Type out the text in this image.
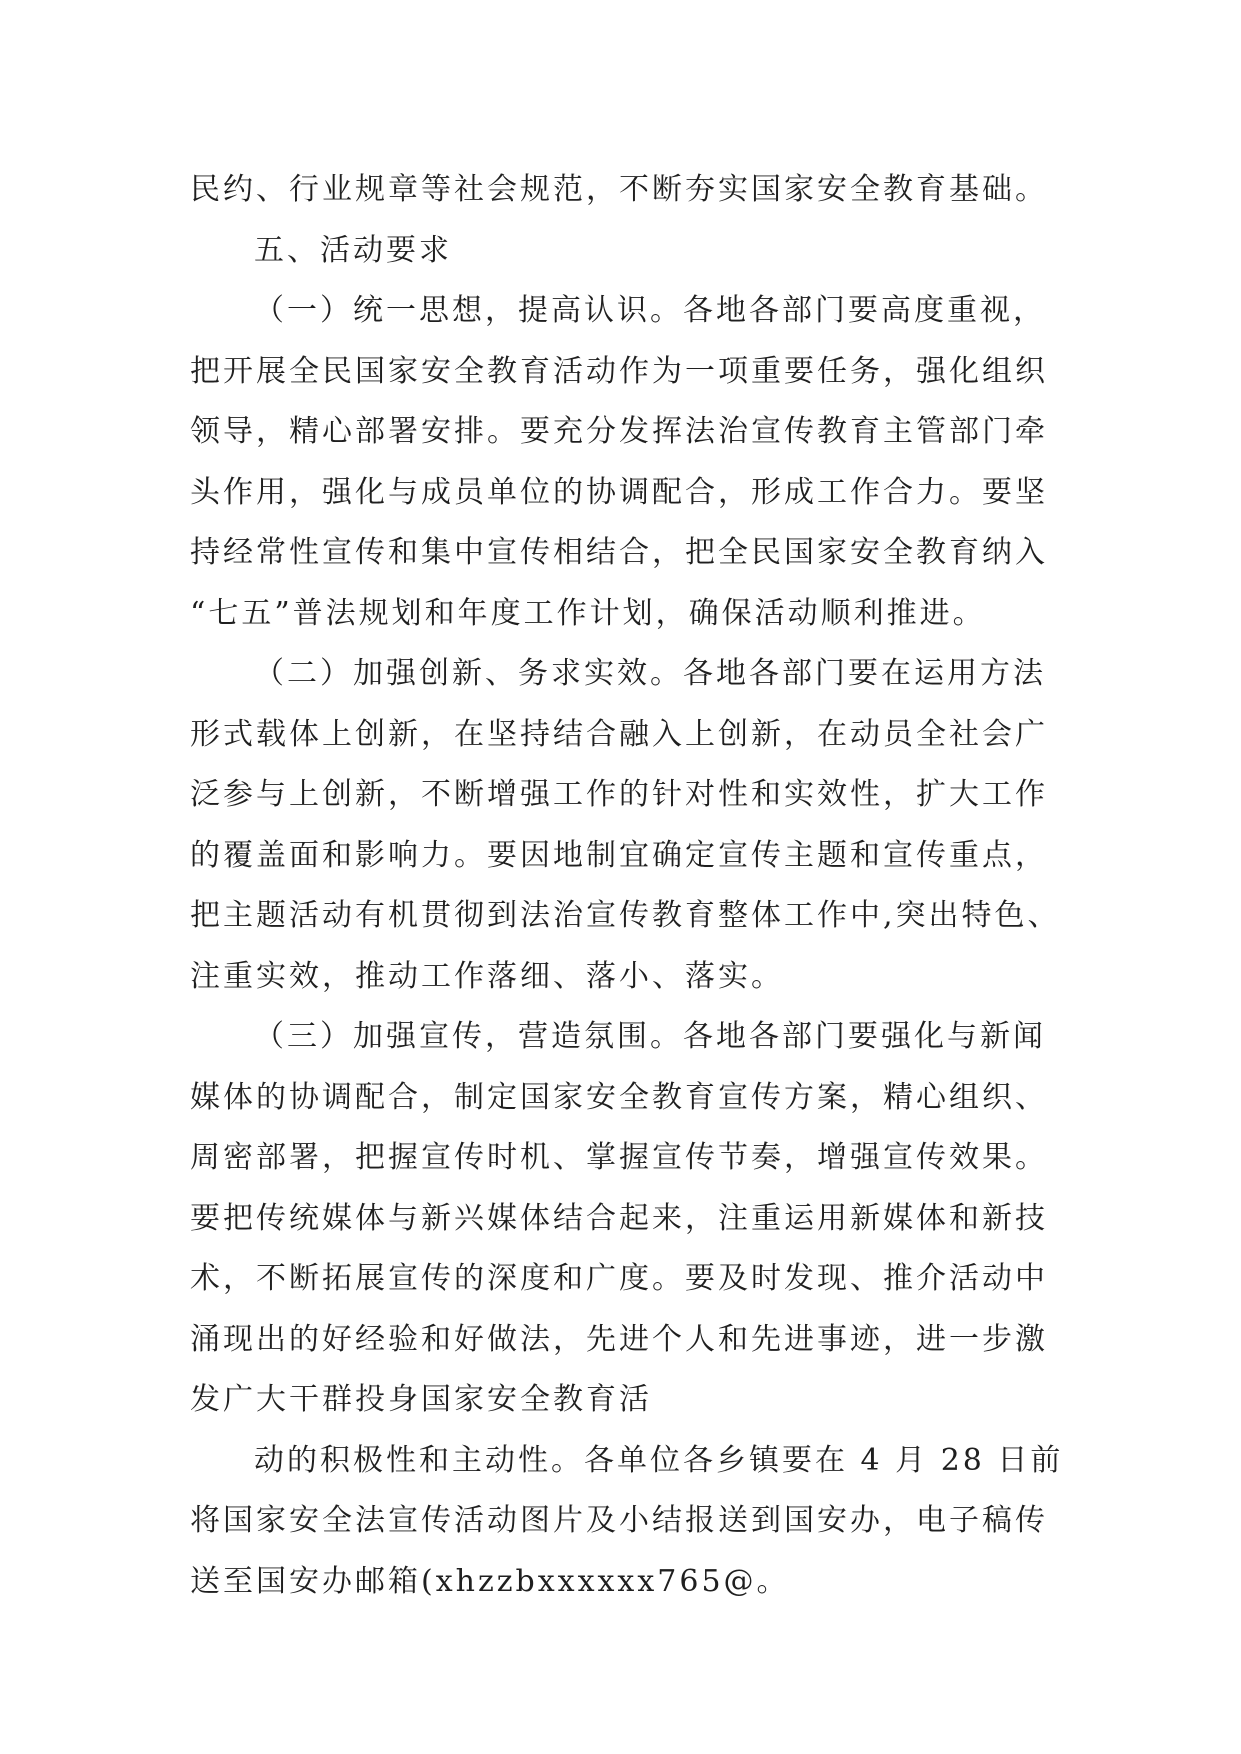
民约、行业规章等社会规范，不断夯实国家安全教育基础。
五、活动要求
（一）统一思想，提高认识。各地各部门要高度重视，
把开展全民国家安全教育活动作为一项重要任务，强化组织
领导，精心部署安排。要充分发挥法治宣传教育主管部门牵
头作用，强化与成员单位的协调配合，形成工作合力。要坚
持经常性宣传和集中宣传相结合，把全民国家安全教育纳入
“七五”普法规划和年度工作计划，确保活动顺利推进。
（二）加强创新、务求实效。各地各部门要在运用方法
形式载体上创新，在坚持结合融入上创新，在动员全社会广
泛参与上创新，不断增强工作的针对性和实效性，扩大工作
的覆盖面和影响力。要因地制宜确定宣传主题和宣传重点，
把主题活动有机贯彻到法治宣传教育整体工作中,突出特色、
注重实效，推动工作落细、落小、落实。
（三）加强宣传，营造氛围。各地各部门要强化与新闻
媒体的协调配合，制定国家安全教育宣传方案，精心组织、
周密部署，把握宣传时机、掌握宣传节奏，增强宣传效果。
要把传统媒体与新兴媒体结合起来，注重运用新媒体和新技
术，不断拓展宣传的深度和广度。要及时发现、推介活动中
涌现出的好经验和好做法，先进个人和先进事迹，进一步激
发广大干群投身国家安全教育活
动的积极性和主动性。各单位各乡镇要在 4 月 28 日前
将国家安全法宣传活动图片及小结报送到国安办，电子稿传
送至国安办邮箱(xhzzbxxxxxx765@。
